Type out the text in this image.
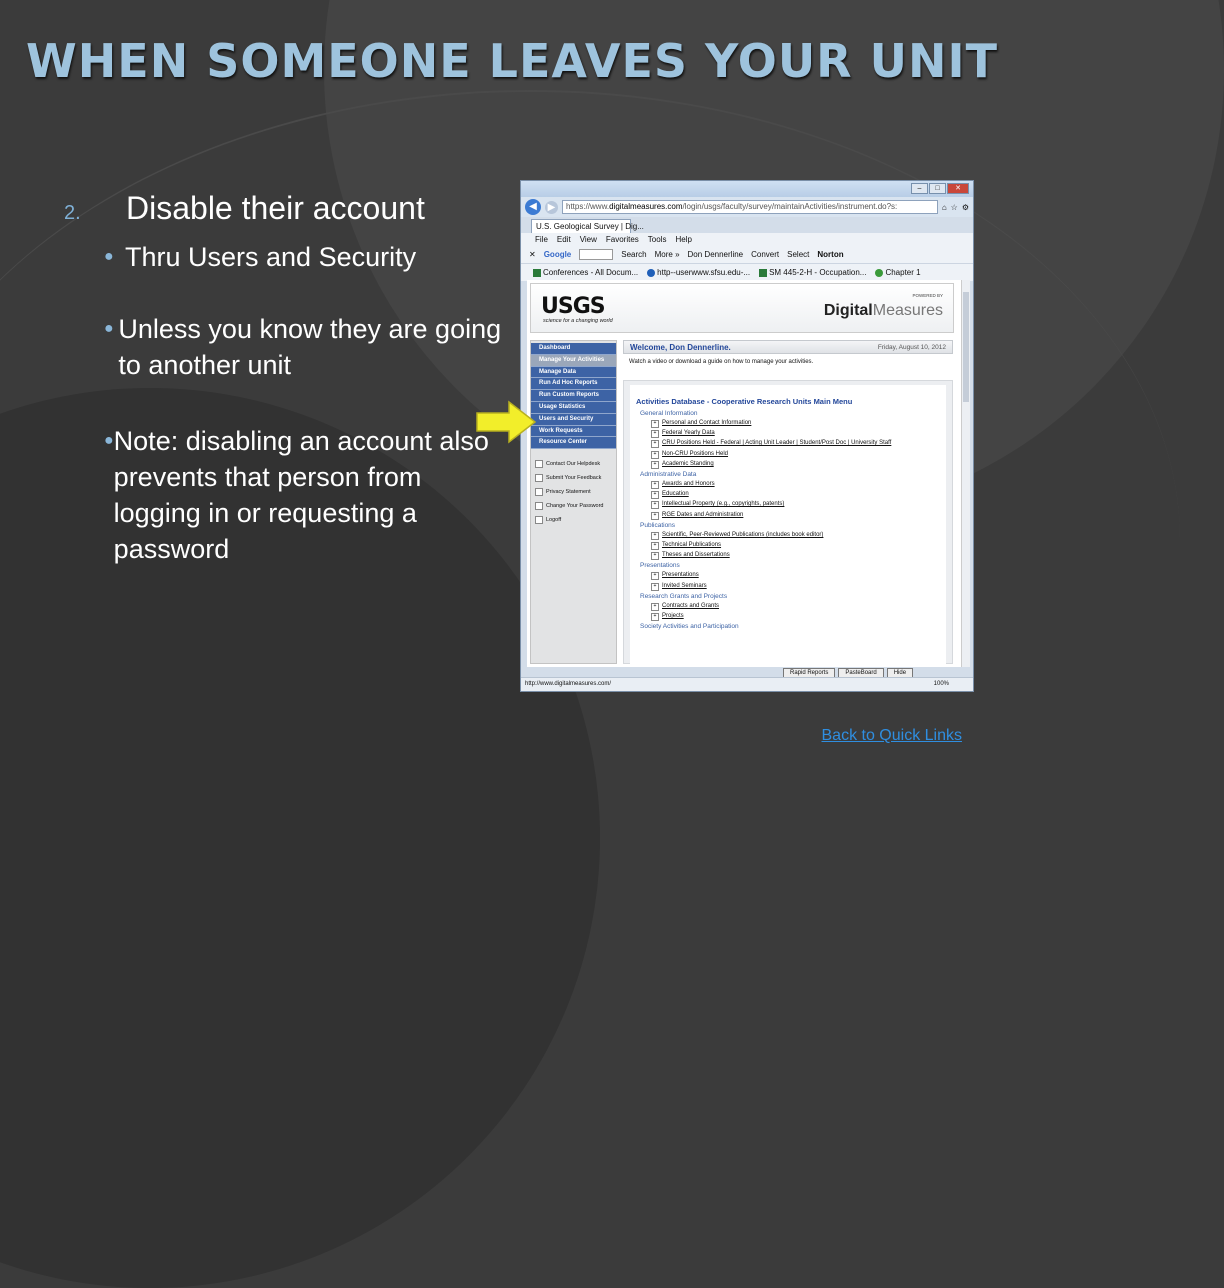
WHEN SOMEONE LEAVES YOUR UNIT
2.	Disable their account
● Thru Users and Security
● Unless you know they are going to another unit
● Note: disabling an account also prevents that person from logging in or requesting a password
–	□	✕
◀	▶	https://www.digitalmeasures.com/login/usgs/faculty/survey/maintainActivities/instrument.do?s:	⌂ ☆ ⚙
U.S. Geological Survey | Dig...
File Edit View Favorites Tools Help
✕ Google	Search More » Don Dennerline Convert Select Norton
Conferences - All Docum...	http--userwww.sfsu.edu-...	SM 445-2-H - Occupation...	Chapter 1
USGS
science for a changing world
POWERED BY
DigitalMeasures
Dashboard
Manage Your Activities
Manage Data
Run Ad Hoc Reports
Run Custom Reports
Usage Statistics
Users and Security
Work Requests
Resource Center
Contact Our Helpdesk
Submit Your Feedback
Privacy Statement
Change Your Password
Logoff
Welcome, Don Dennerline.	Friday, August 10, 2012
Watch a video or download a guide on how to manage your activities.
Activities Database - Cooperative Research Units Main Menu
General Information
+ Personal and Contact Information
+ Federal Yearly Data
+ CRU Positions Held - Federal | Acting Unit Leader | Student/Post Doc | University Staff
+ Non-CRU Positions Held
+ Academic Standing
Administrative Data
+ Awards and Honors
+ Education
+ Intellectual Property (e.g., copyrights, patents)
+ RGE Dates and Administration
Publications
+ Scientific, Peer-Reviewed Publications (includes book editor)
+ Technical Publications
+ Theses and Dissertations
Presentations
+ Presentations
+ Invited Seminars
Research Grants and Projects
+ Contracts and Grants
+ Projects
Society Activities and Participation
Rapid Reports	PasteBoard	Hide
http://www.digitalmeasures.com/	100%
Back to Quick Links
